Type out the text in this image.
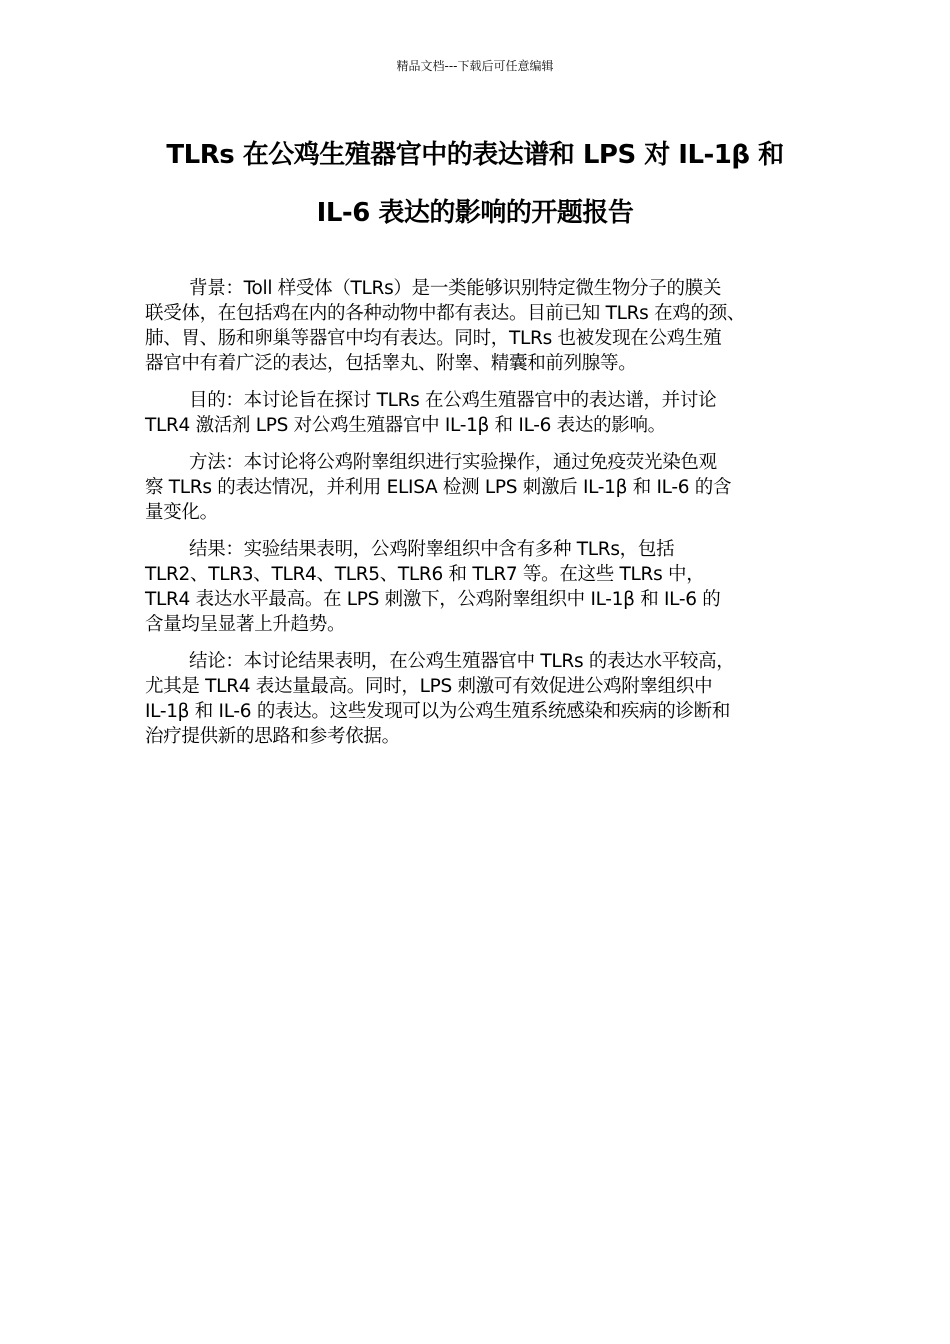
精品文档---下载后可任意编辑
TLRs 在公鸡生殖器官中的表达谱和 LPS 对 IL-1β 和
IL-6 表达的影响的开题报告

背景：Toll 样受体（TLRs）是一类能够识别特定微生物分子的膜关
联受体，在包括鸡在内的各种动物中都有表达。目前已知 TLRs 在鸡的颈、
肺、胃、肠和卵巢等器官中均有表达。同时，TLRs 也被发现在公鸡生殖
器官中有着广泛的表达，包括睾丸、附睾、精囊和前列腺等。

目的：本讨论旨在探讨 TLRs 在公鸡生殖器官中的表达谱，并讨论
TLR4 激活剂 LPS 对公鸡生殖器官中 IL-1β 和 IL-6 表达的影响。

方法：本讨论将公鸡附睾组织进行实验操作，通过免疫荧光染色观
察 TLRs 的表达情况，并利用 ELISA 检测 LPS 刺激后 IL-1β 和 IL-6 的含
量变化。

结果：实验结果表明，公鸡附睾组织中含有多种 TLRs，包括
TLR2、TLR3、TLR4、TLR5、TLR6 和 TLR7 等。在这些 TLRs 中，
TLR4 表达水平最高。在 LPS 刺激下，公鸡附睾组织中 IL-1β 和 IL-6 的
含量均呈显著上升趋势。

结论：本讨论结果表明，在公鸡生殖器官中 TLRs 的表达水平较高，
尤其是 TLR4 表达量最高。同时，LPS 刺激可有效促进公鸡附睾组织中
IL-1β 和 IL-6 的表达。这些发现可以为公鸡生殖系统感染和疾病的诊断和
治疗提供新的思路和参考依据。
